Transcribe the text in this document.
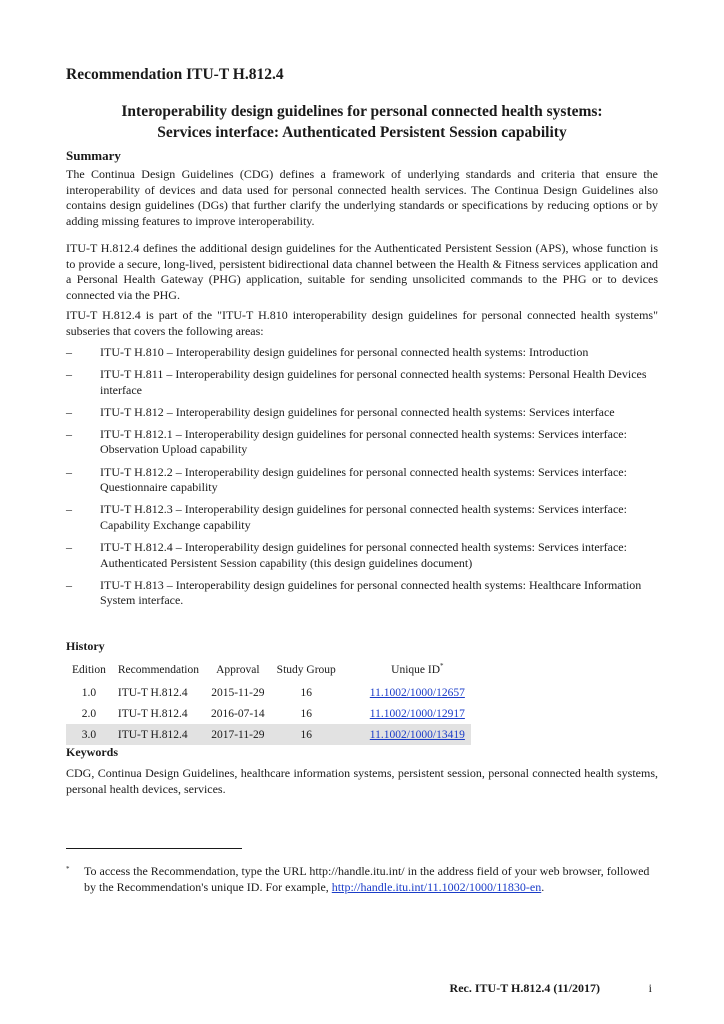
Recommendation ITU-T H.812.4
Interoperability design guidelines for personal connected health systems:
Services interface: Authenticated Persistent Session capability
Summary

The Continua Design Guidelines (CDG) defines a framework of underlying standards and criteria that ensure the interoperability of devices and data used for personal connected health services. The Continua Design Guidelines also contains design guidelines (DGs) that further clarify the underlying standards or specifications by reducing options or by adding missing features to improve interoperability.

ITU-T H.812.4 defines the additional design guidelines for the Authenticated Persistent Session (APS), whose function is to provide a secure, long-lived, persistent bidirectional data channel between the Health & Fitness services application and a Personal Health Gateway (PHG) application, suitable for sending unsolicited commands to the PHG or to devices connected via the PHG.

ITU-T H.812.4 is part of the "ITU-T H.810 interoperability design guidelines for personal connected health systems" subseries that covers the following areas:

– ITU-T H.810 – Interoperability design guidelines for personal connected health systems: Introduction
– ITU-T H.811 – Interoperability design guidelines for personal connected health systems: Personal Health Devices interface
– ITU-T H.812 – Interoperability design guidelines for personal connected health systems: Services interface
– ITU-T H.812.1 – Interoperability design guidelines for personal connected health systems: Services interface: Observation Upload capability
– ITU-T H.812.2 – Interoperability design guidelines for personal connected health systems: Services interface: Questionnaire capability
– ITU-T H.812.3 – Interoperability design guidelines for personal connected health systems: Services interface: Capability Exchange capability
– ITU-T H.812.4 – Interoperability design guidelines for personal connected health systems: Services interface: Authenticated Persistent Session capability (this design guidelines document)
– ITU-T H.813 – Interoperability design guidelines for personal connected health systems: Healthcare Information System interface.
History
Edition	Recommendation	Approval	Study Group	Unique ID*
1.0	ITU-T H.812.4	2015-11-29	16	11.1002/1000/12657
2.0	ITU-T H.812.4	2016-07-14	16	11.1002/1000/12917
3.0	ITU-T H.812.4	2017-11-29	16	11.1002/1000/13419
Keywords

CDG, Continua Design Guidelines, healthcare information systems, persistent session, personal connected health systems, personal health devices, services.

* To access the Recommendation, type the URL http://handle.itu.int/ in the address field of your web browser, followed by the Recommendation's unique ID. For example, http://handle.itu.int/11.1002/1000/11830-en.
Rec. ITU-T H.812.4 (11/2017)	i
